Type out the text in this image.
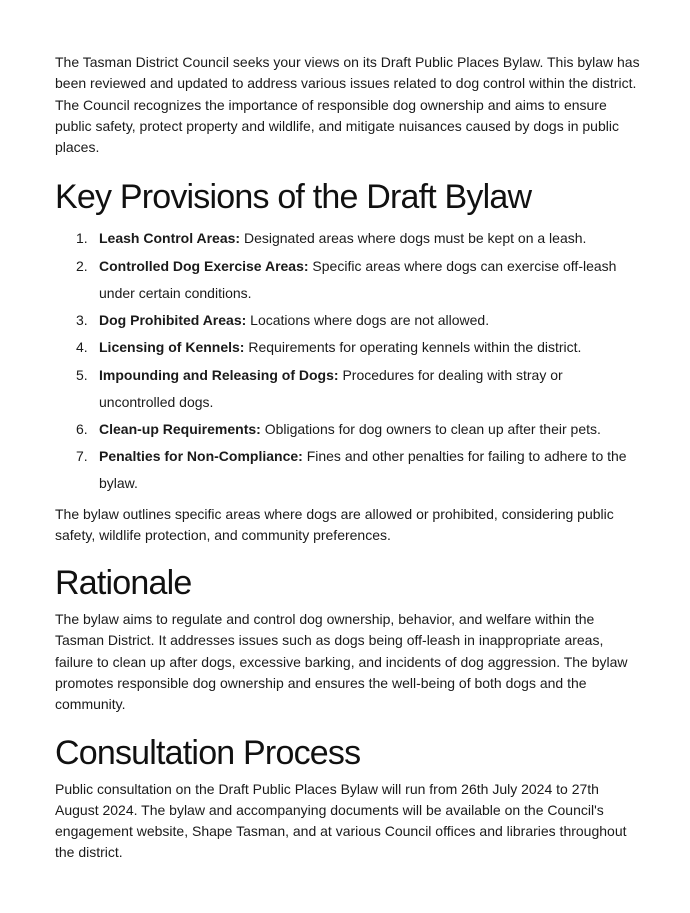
The Tasman District Council seeks your views on its Draft Public Places Bylaw. This bylaw has been reviewed and updated to address various issues related to dog control within the district. The Council recognizes the importance of responsible dog ownership and aims to ensure public safety, protect property and wildlife, and mitigate nuisances caused by dogs in public places.

Key Provisions of the Draft Bylaw
1. Leash Control Areas: Designated areas where dogs must be kept on a leash.
2. Controlled Dog Exercise Areas: Specific areas where dogs can exercise off-leash under certain conditions.
3. Dog Prohibited Areas: Locations where dogs are not allowed.
4. Licensing of Kennels: Requirements for operating kennels within the district.
5. Impounding and Releasing of Dogs: Procedures for dealing with stray or uncontrolled dogs.
6. Clean-up Requirements: Obligations for dog owners to clean up after their pets.
7. Penalties for Non-Compliance: Fines and other penalties for failing to adhere to the bylaw.

The bylaw outlines specific areas where dogs are allowed or prohibited, considering public safety, wildlife protection, and community preferences.

Rationale

The bylaw aims to regulate and control dog ownership, behavior, and welfare within the Tasman District. It addresses issues such as dogs being off-leash in inappropriate areas, failure to clean up after dogs, excessive barking, and incidents of dog aggression. The bylaw promotes responsible dog ownership and ensures the well-being of both dogs and the community.

Consultation Process

Public consultation on the Draft Public Places Bylaw will run from 26th July 2024 to 27th August 2024. The bylaw and accompanying documents will be available on the Council's engagement website, Shape Tasman, and at various Council offices and libraries throughout the district.
